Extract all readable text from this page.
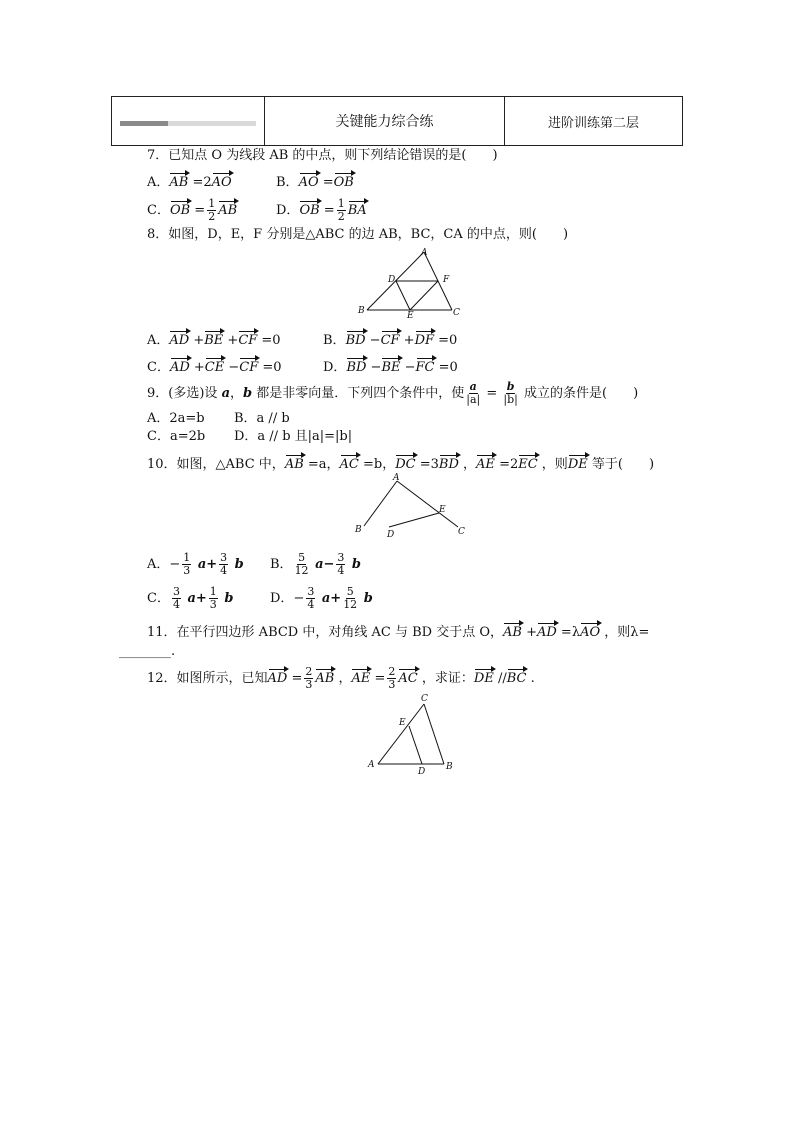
关键能力综合练	进阶训练第二层
7．已知点 O 为线段 AB 的中点，则下列结论错误的是(　　)
A．AB =2AO	B．AO =OB
C．OB = $\frac{1}{2}$ AB	D．OB = $\frac{1}{2}$ BA
8．如图，D，E，F 分别是△ABC 的边 AB，BC，CA 的中点，则(　　)
A
B	C
D
E
F
A．AD +BE +CF =0	B．BD −CF +DF =0
C．AD +CE −CF =0	D．BD −BE −FC =0
9．(多选)设 a，b 都是非零向量．下列四个条件中，使 $\frac{a}{|a|} = \frac{b}{|b|}$ 成立的条件是(　　)
A．2a=b B．a // b
C．a=2b D．a // b 且|a|=|b|
10．如图，△ABC 中，AB =a，AC =b，DC =3BD ，AE =2EC ，则DE 等于(　　)
A
B	C
D
E
A．− $\frac{1}{3} a+ \frac{3}{4}$ b B． $\frac{5}{12} a- \frac{3}{4}$ b
C． $\frac{3}{4} a+ \frac{1}{3}$ b	D．− $\frac{3}{4} a+ \frac{5}{12}$ b
11．在平行四边形 ABCD 中，对角线 AC 与 BD 交于点 O，AB +AD =λAO ，则λ=
________.
12．如图所示，已知AD = $\frac{2}{3}$ AB ，AE = $\frac{2}{3}$ AC ，求证：DE //BC .
A	B
C
D
E
